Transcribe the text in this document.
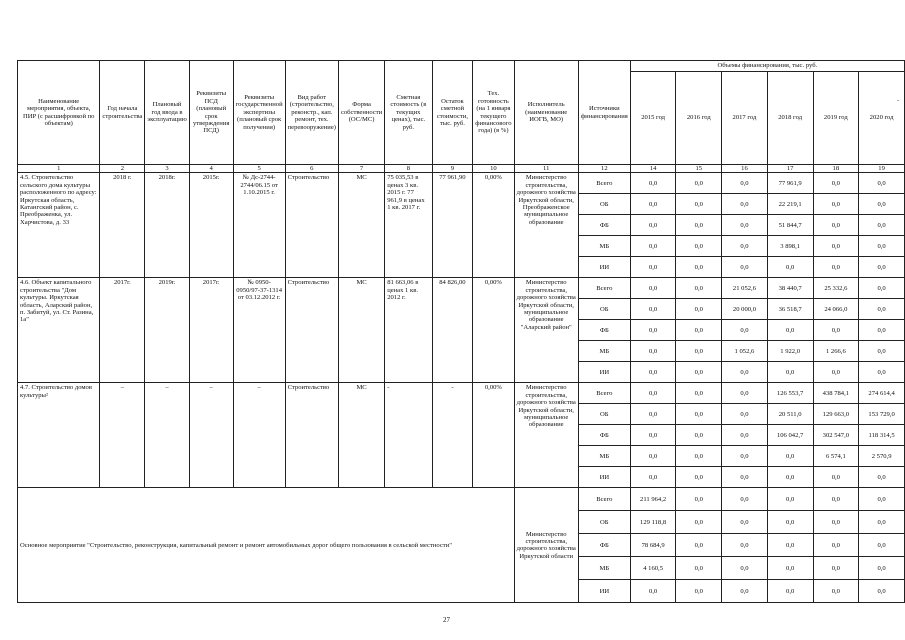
Наименование мероприятия, объекта, ПИР (с расшифровкой по объектам)	Год начала строительства	Плановый год ввода в эксплуатацию	Реквизиты ПСД (плановый срок утверждения ПСД)	Реквизиты государственной экспертизы (плановый срок получения)	Вид работ (строительство, реконстр., кап. ремонт, тех. перевооружение)	Форма собственности (ОС/МС)	Сметная стоимость (в текущих ценах), тыс. руб.	Остаток сметной стоимости, тыс. руб.	Тех. готовность (на 1 января текущего финансового года) (в %)	Исполнитель (наименование ИОГВ, МО)	Источники финансирования	Объемы финансирования, тыс. руб.					
												2015 год	2016 год	2017 год	2018 год	2019 год	2020 год
1	2	3	4	5	6	7	8	9	10	11	12	14	15	16	17	18	19
4.5. Строительство сельского дома культуры расположенного по адресу: Иркутская область, Катангский район, с. Преображенка, ул. Харчистова, д. 33	2018 г.	2018г.	2015г.	№ Дс-2744-2744/06.15 от 1.10.2015 г.	Строительство	МС	75 035,53 в ценах 3 кв. 2015 г. 77 961,9 в ценах 1 кв. 2017 г.	77 961,90	0,00%	Министерство строительства, дорожного хозяйства Иркутской области, Преображенское муниципальное образование	Всего	0,0	0,0	0,0	77 961,9	0,0	0,0
											ОБ	0,0	0,0	0,0	22 219,1	0,0	0,0
											ФБ	0,0	0,0	0,0	51 844,7	0,0	0,0
											МБ	0,0	0,0	0,0	3 898,1	0,0	0,0
											ИИ	0,0	0,0	0,0	0,0	0,0	0,0
4.6. Объект капитального строительства "Дом культуры. Иркутская область, Аларский район, п. Забитуй, ул. Ст. Разина, 1а"	2017г.	2019г.	2017г.	№ 0950-0950/97-37-1314 от 03.12.2012 г.	Строительство	МС	81 663,06 в ценах 1 кв. 2012 г.	84 826,00	0,00%	Министерство строительства, дорожного хозяйства Иркутской области, муниципальное образование "Аларский район"	Всего	0,0	0,0	21 052,6	38 440,7	25 332,6	0,0
											ОБ	0,0	0,0	20 000,0	36 518,7	24 066,0	0,0
											ФБ	0,0	0,0	0,0	0,0	0,0	0,0
											МБ	0,0	0,0	1 052,6	1 922,0	1 266,6	0,0
											ИИ	0,0	0,0	0,0	0,0	0,0	0,0
4.7. Строительство домов культуры²	–	–	–	–	Строительство	МС	-	-	0,00%	Министерство строительства, дорожного хозяйства Иркутской области, муниципальное образование	Всего	0,0	0,0	0,0	126 553,7	438 784,1	274 614,4
											ОБ	0,0	0,0	0,0	20 511,0	129 663,0	153 729,0
											ФБ	0,0	0,0	0,0	106 042,7	302 547,0	118 314,5
											МБ	0,0	0,0	0,0	0,0	6 574,1	2 570,9
											ИИ	0,0	0,0	0,0	0,0	0,0	0,0
Основное мероприятие "Строительство, реконструкция, капитальный ремонт и ремонт автомобильных дорог общего пользования в сельской местности"										Министерство строительства, дорожного хозяйства Иркутской области	Всего	211 964,2	0,0	0,0	0,0	0,0	0,0
											ОБ	129 118,8	0,0	0,0	0,0	0,0	0,0
											ФБ	78 684,9	0,0	0,0	0,0	0,0	0,0
											МБ	4 160,5	0,0	0,0	0,0	0,0	0,0
											ИИ	0,0	0,0	0,0	0,0	0,0	0,0
27
-
